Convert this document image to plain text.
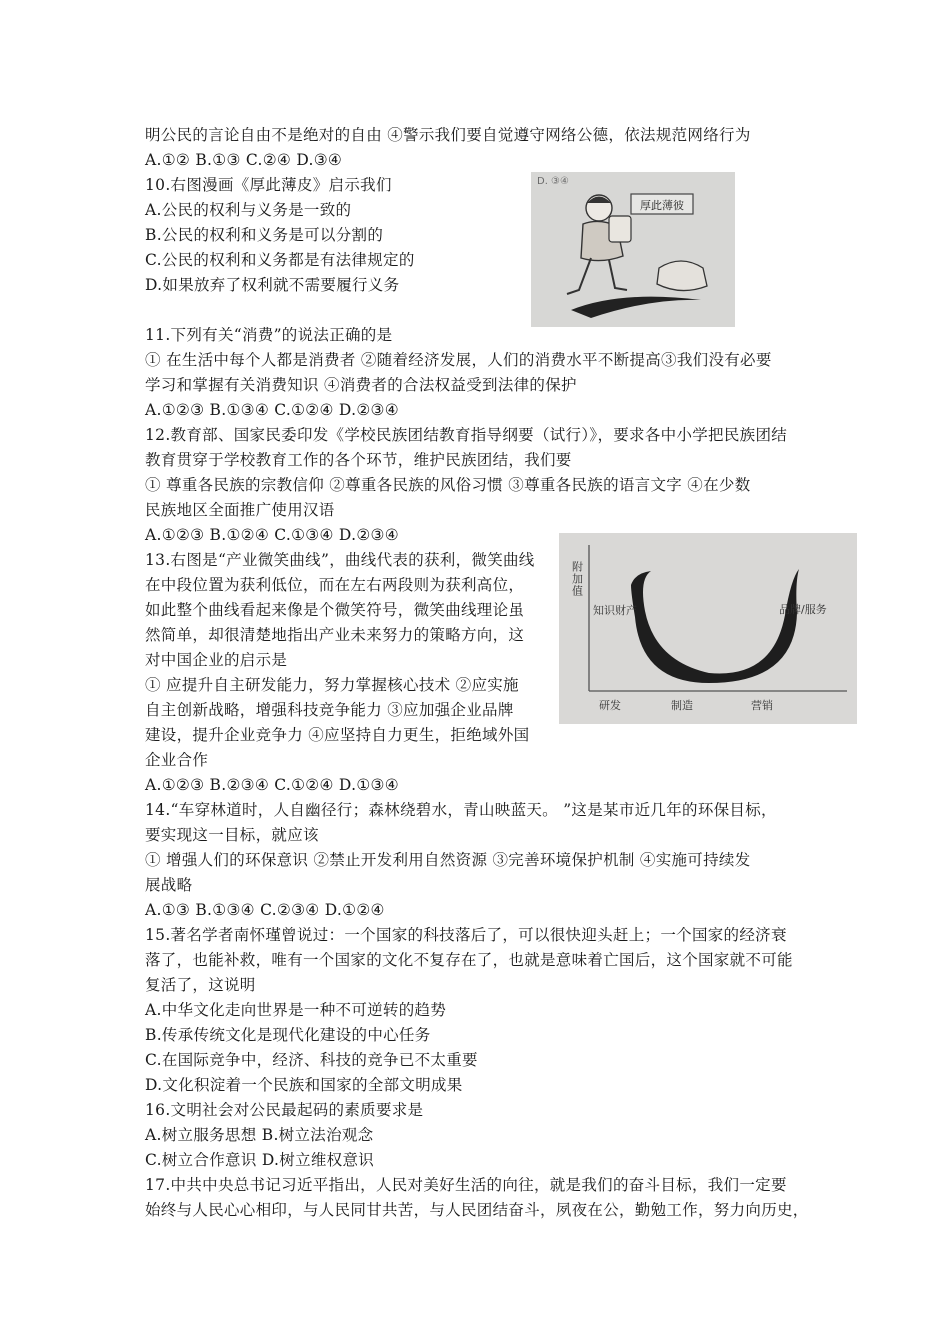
明公民的言论自由不是绝对的自由 ④警示我们要自觉遵守网络公德，依法规范网络行为
A.①② B.①③ C.②④ D.③④
10.右图漫画《厚此薄皮》启示我们
A.公民的权利与义务是一致的
B.公民的权利和义务是可以分割的
C.公民的权利和义务都是有法律规定的
D.如果放弃了权利就不需要履行义务
11.下列有关“消费”的说法正确的是
① 在生活中每个人都是消费者 ②随着经济发展，人们的消费水平不断提高③我们没有必要
学习和掌握有关消费知识 ④消费者的合法权益受到法律的保护
A.①②③ B.①③④ C.①②④ D.②③④
12.教育部、国家民委印发《学校民族团结教育指导纲要（试行）》，要求各中小学把民族团结
教育贯穿于学校教育工作的各个环节，维护民族团结，我们要
① 尊重各民族的宗教信仰 ②尊重各民族的风俗习惯 ③尊重各民族的语言文字 ④在少数
民族地区全面推广使用汉语
A.①②③ B.①②④ C.①③④ D.②③④
13.右图是“产业微笑曲线”，曲线代表的获利，微笑曲线
在中段位置为获利低位，而在左右两段则为获利高位，
如此整个曲线看起来像是个微笑符号，微笑曲线理论虽
然简单，却很清楚地指出产业未来努力的策略方向，这
对中国企业的启示是
① 应提升自主研发能力，努力掌握核心技术 ②应实施
自主创新战略，增强科技竞争能力 ③应加强企业品牌
建设，提升企业竞争力 ④应坚持自力更生，拒绝域外国
企业合作
A.①②③ B.②③④ C.①②④ D.①③④
14.“车穿林道时，人自幽径行；森林绕碧水，青山映蓝天。 ”这是某市近几年的环保目标，
要实现这一目标，就应该
① 增强人们的环保意识 ②禁止开发利用自然资源 ③完善环境保护机制 ④实施可持续发
展战略
A.①③ B.①③④ C.②③④ D.①②④
15.著名学者南怀瑾曾说过：一个国家的科技落后了，可以很快迎头赶上；一个国家的经济衰
落了，也能补救，唯有一个国家的文化不复存在了，也就是意味着亡国后，这个国家就不可能
复活了，这说明
A.中华文化走向世界是一种不可逆转的趋势
B.传承传统文化是现代化建设的中心任务
C.在国际竞争中，经济、科技的竞争已不太重要
D.文化积淀着一个民族和国家的全部文明成果
16.文明社会对公民最起码的素质要求是
A.树立服务思想 B.树立法治观念
C.树立合作意识 D.树立维权意识
17.中共中央总书记习近平指出，人民对美好生活的向往，就是我们的奋斗目标，我们一定要
始终与人民心心相印，与人民同甘共苦，与人民团结奋斗，夙夜在公，勤勉工作，努力向历史，
D. ③④
厚此薄彼
附加值
知识财产	品牌/服务
研发	制造	营销
